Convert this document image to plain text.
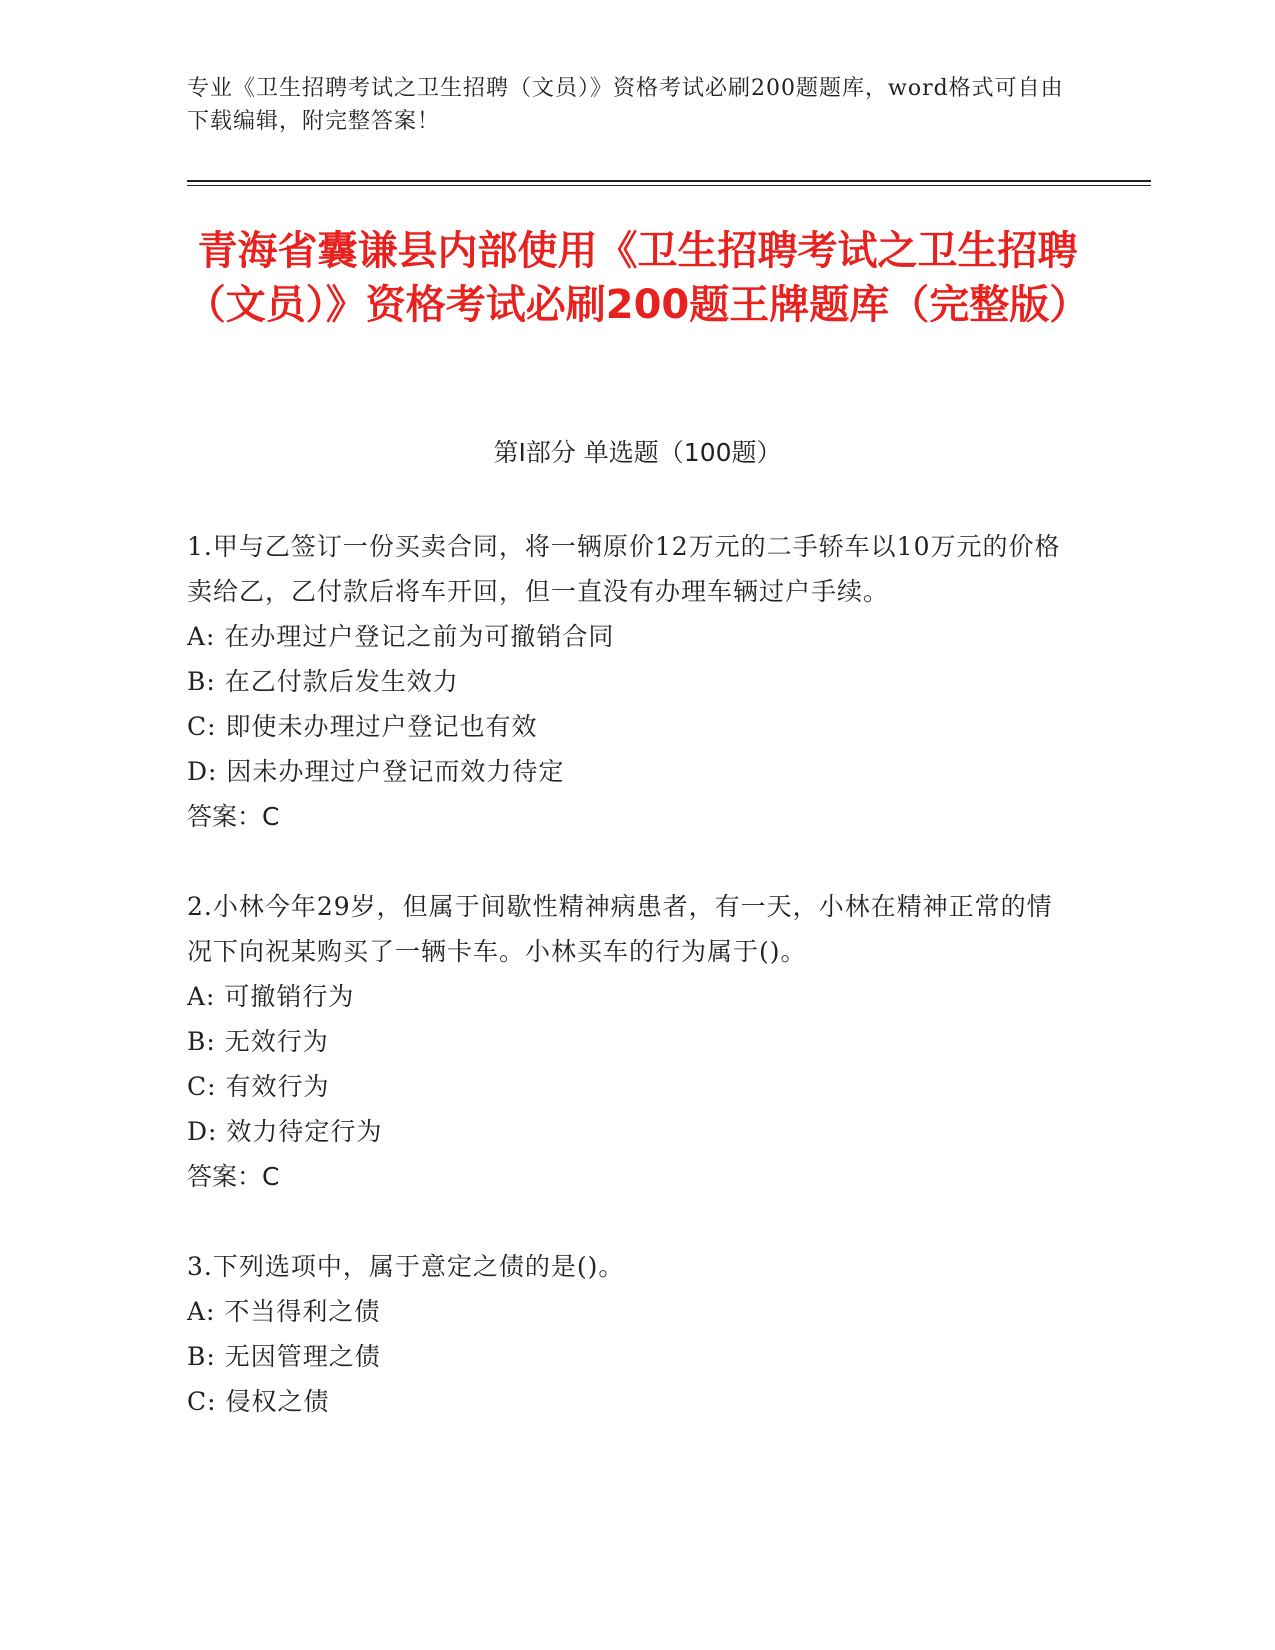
专业《卫生招聘考试之卫生招聘（文员）》资格考试必刷200题题库，word格式可自由下载编辑，附完整答案！
青海省囊谦县内部使用《卫生招聘考试之卫生招聘（文员）》资格考试必刷200题王牌题库（完整版）
第I部分 单选题（100题）
1.甲与乙签订一份买卖合同，将一辆原价12万元的二手轿车以10万元的价格卖给乙，乙付款后将车开回，但一直没有办理车辆过户手续。
A: 在办理过户登记之前为可撤销合同
B: 在乙付款后发生效力
C: 即使未办理过户登记也有效
D: 因未办理过户登记而效力待定
答案：C
2.小林今年29岁，但属于间歇性精神病患者，有一天，小林在精神正常的情况下向祝某购买了一辆卡车。小林买车的行为属于()。
A: 可撤销行为
B: 无效行为
C: 有效行为
D: 效力待定行为
答案：C
3.下列选项中，属于意定之债的是()。
A: 不当得利之债
B: 无因管理之债
C: 侵权之债
